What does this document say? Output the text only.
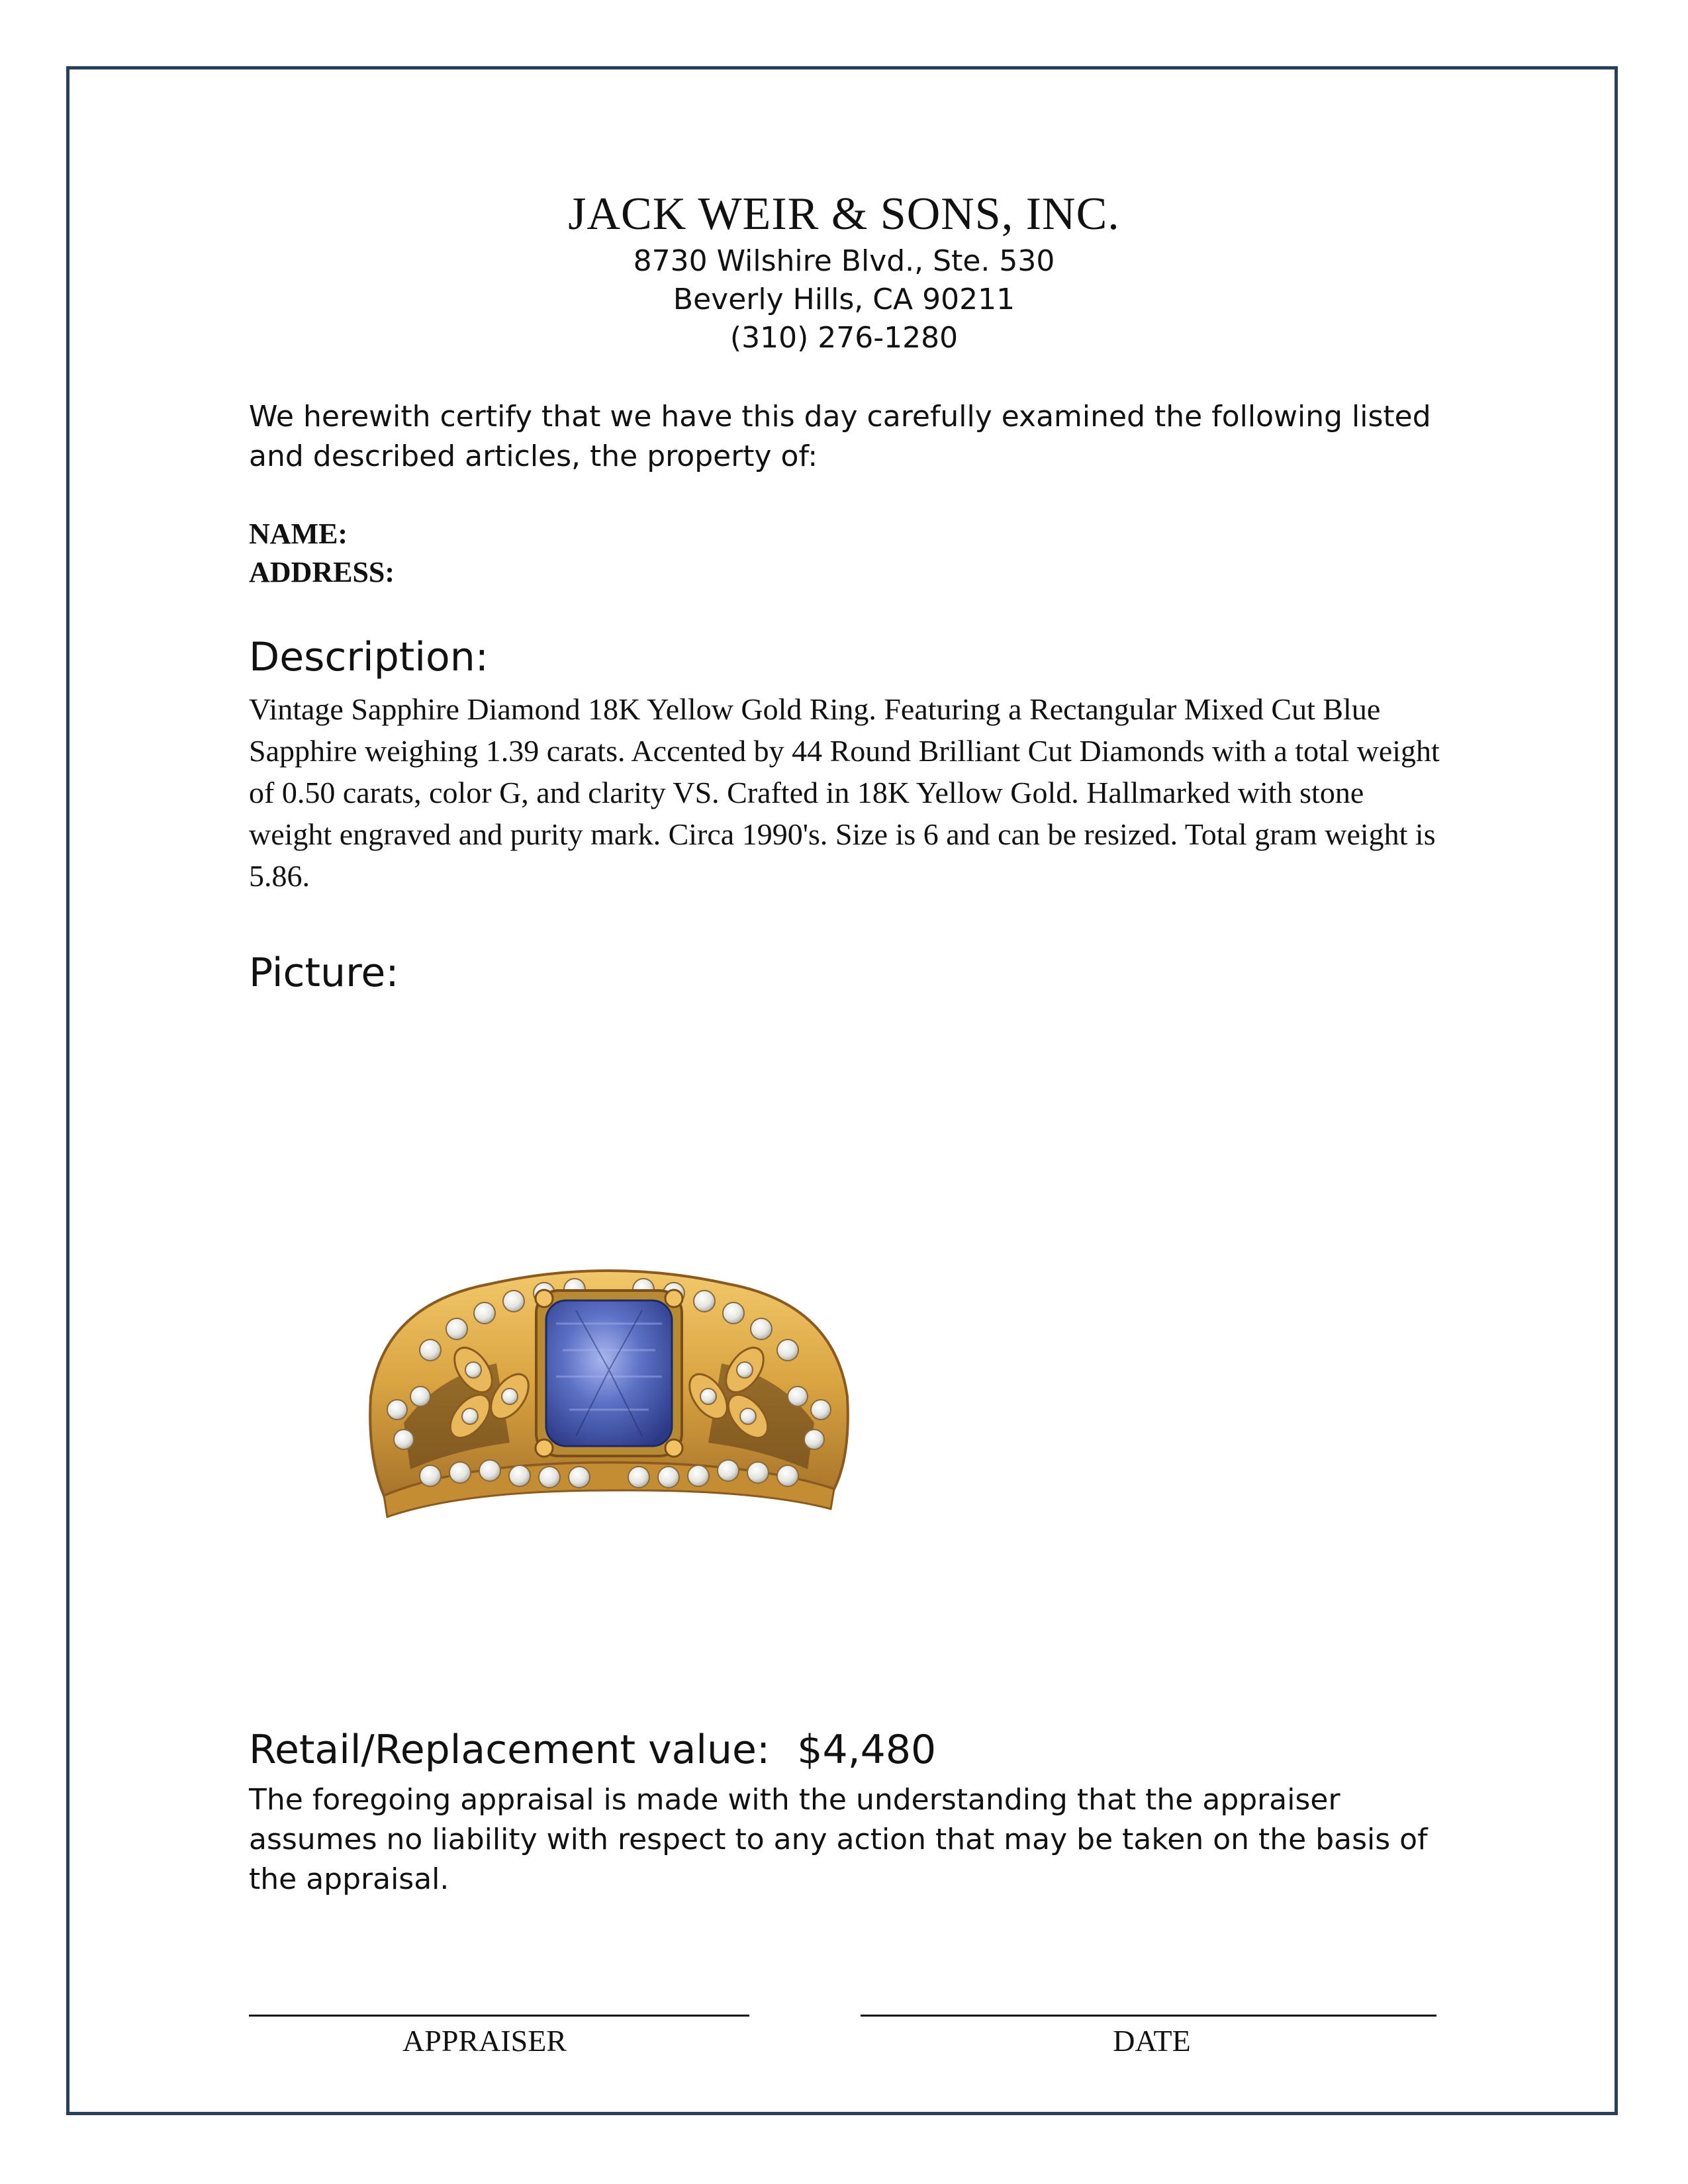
JACK WEIR & SONS, INC.
8730 Wilshire Blvd., Ste. 530
Beverly Hills, CA 90211
(310) 276-1280
We herewith certify that we have this day carefully examined the following listed and described articles, the property of:
NAME:
ADDRESS:
Description:
Vintage Sapphire Diamond 18K Yellow Gold Ring. Featuring a Rectangular Mixed Cut Blue Sapphire weighing 1.39 carats. Accented by 44 Round Brilliant Cut Diamonds with a total weight of 0.50 carats, color G, and clarity VS. Crafted in 18K Yellow Gold. Hallmarked with stone weight engraved and purity mark. Circa 1990's. Size is 6 and can be resized. Total gram weight is 5.86.
Picture:
Retail/Replacement value: $4,480
The foregoing appraisal is made with the understanding that the appraiser assumes no liability with respect to any action that may be taken on the basis of the appraisal.
APPRAISER	DATE
